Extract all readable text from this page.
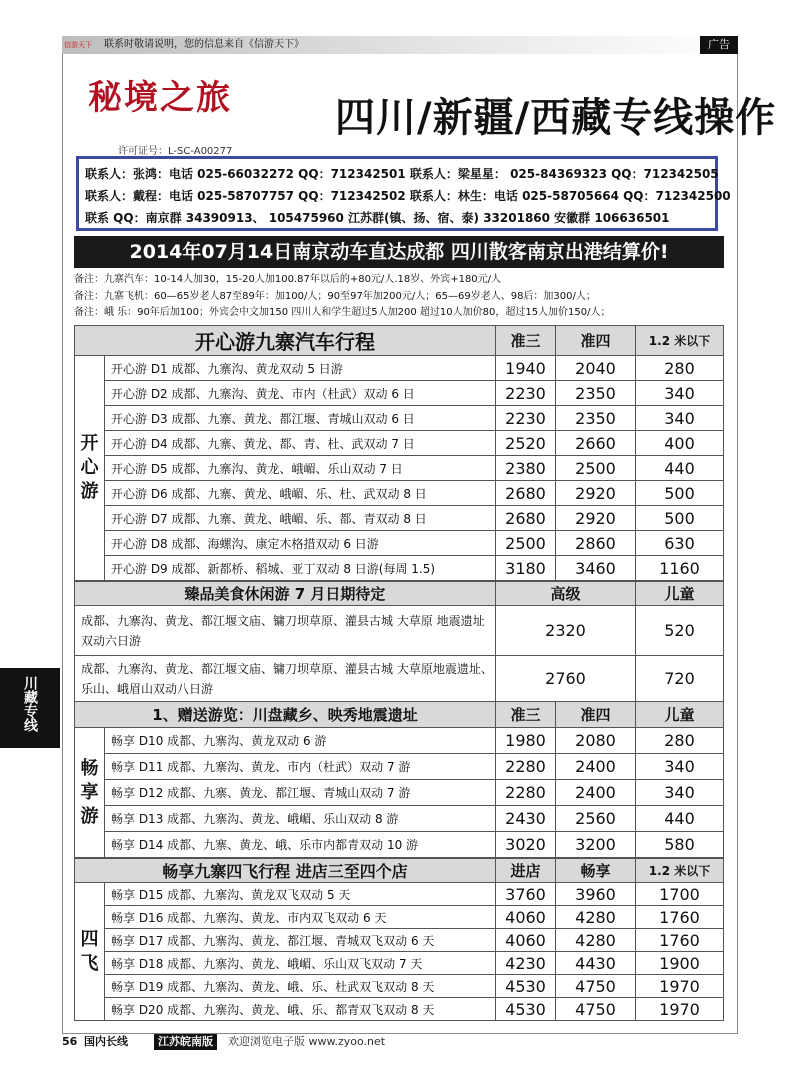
信游天下	联系时敬请说明，您的信息来自《信游天下》	广告
秘境之旅
许可证号：L-SC-A00277
四川/新疆/西藏专线操作
联系人：张鸿：电话 025-66032272 QQ：712342501 联系人：梁星星： 025-84369323 QQ：712342505
联系人：戴程：电话 025-58707757 QQ：712342502 联系人：林生：电话 025-58705664 QQ：712342500
联系 QQ：南京群 34390913、 105475960 江苏群(镇、扬、宿、泰) 33201860 安徽群 106636501
2014年07月14日南京动车直达成都 四川散客南京出港结算价!
备注：九寨汽车：10-14人加30，15-20人加100.87年以后的+80元/人.18岁、外宾+180元/人
备注：九寨飞机：60—65岁老人87至89年：加100/人；90至97年加200元/人；65—69岁老人、98后：加300/人；
备注：峨 乐：90年后加100；外宾会中文加150 四川人和学生超过5人加200 超过10人加价80，超过15人加价150/人；
川藏专线
开心游九寨汽车行程		准三	准四	1.2 米以下
开心游	开心游 D1 成都、九寨沟、黄龙双动 5 日游	1940	2040	280
	开心游 D2 成都、九寨沟、黄龙、市内（杜武）双动 6 日	2230	2350	340
	开心游 D3 成都、九寨、黄龙、都江堰、青城山双动 6 日	2230	2350	340
	开心游 D4 成都、九寨、黄龙、都、青、杜、武双动 7 日	2520	2660	400
	开心游 D5 成都、九寨沟、黄龙、峨嵋、乐山双动 7 日	2380	2500	440
	开心游 D6 成都、九寨、黄龙、峨嵋、乐、杜、武双动 8 日	2680	2920	500
	开心游 D7 成都、九寨、黄龙、峨嵋、乐、都、青双动 8 日	2680	2920	500
	开心游 D8 成都、海螺沟、康定木格措双动 6 日游	2500	2860	630
	开心游 D9 成都、新都桥、稻城、亚丁双动 8 日游(每周 1.5)	3180	3460	1160
臻品美食休闲游 7 月日期待定	高级	儿童
成都、九寨沟、黄龙、都江堰文庙、镛刀坝草原、灌县古城 大草原 地震遗址双动六日游	2320	520
成都、九寨沟、黄龙、都江堰文庙、镛刀坝草原、灌县古城 大草原地震遗址、乐山、峨眉山双动八日游	2760	720
1、赠送游览：川盘藏乡、映秀地震遗址		准三	准四	儿童
畅享游	畅享 D10 成都、九寨沟、黄龙双动 6 游	1980	2080	280
	畅享 D11 成都、九寨沟、黄龙、市内（杜武）双动 7 游	2280	2400	340
	畅享 D12 成都、九寨、黄龙、都江堰、青城山双动 7 游	2280	2400	340
	畅享 D13 成都、九寨沟、黄龙、峨嵋、乐山双动 8 游	2430	2560	440
	畅享 D14 成都、九寨、黄龙、峨、乐市内都青双动 10 游	3020	3200	580
畅享九寨四飞行程 进店三至四个店		进店	畅享	1.2 米以下
四飞	畅享 D15 成都、九寨沟、黄龙双飞双动 5 天	3760	3960	1700
	畅享 D16 成都、九寨沟、黄龙、市内双飞双动 6 天	4060	4280	1760
	畅享 D17 成都、九寨沟、黄龙、都江堰、青城双飞双动 6 天	4060	4280	1760
	畅享 D18 成都、九寨沟、黄龙、峨嵋、乐山双飞双动 7 天	4230	4430	1900
	畅享 D19 成都、九寨沟、黄龙、峨、乐、杜武双飞双动 8 天	4530	4750	1970
	畅享 D20 成都、九寨沟、黄龙、峨、乐、都青双飞双动 8 天	4530	4750	1970
56 国内长线	江苏皖南版	欢迎浏览电子版 www.zyoo.net
